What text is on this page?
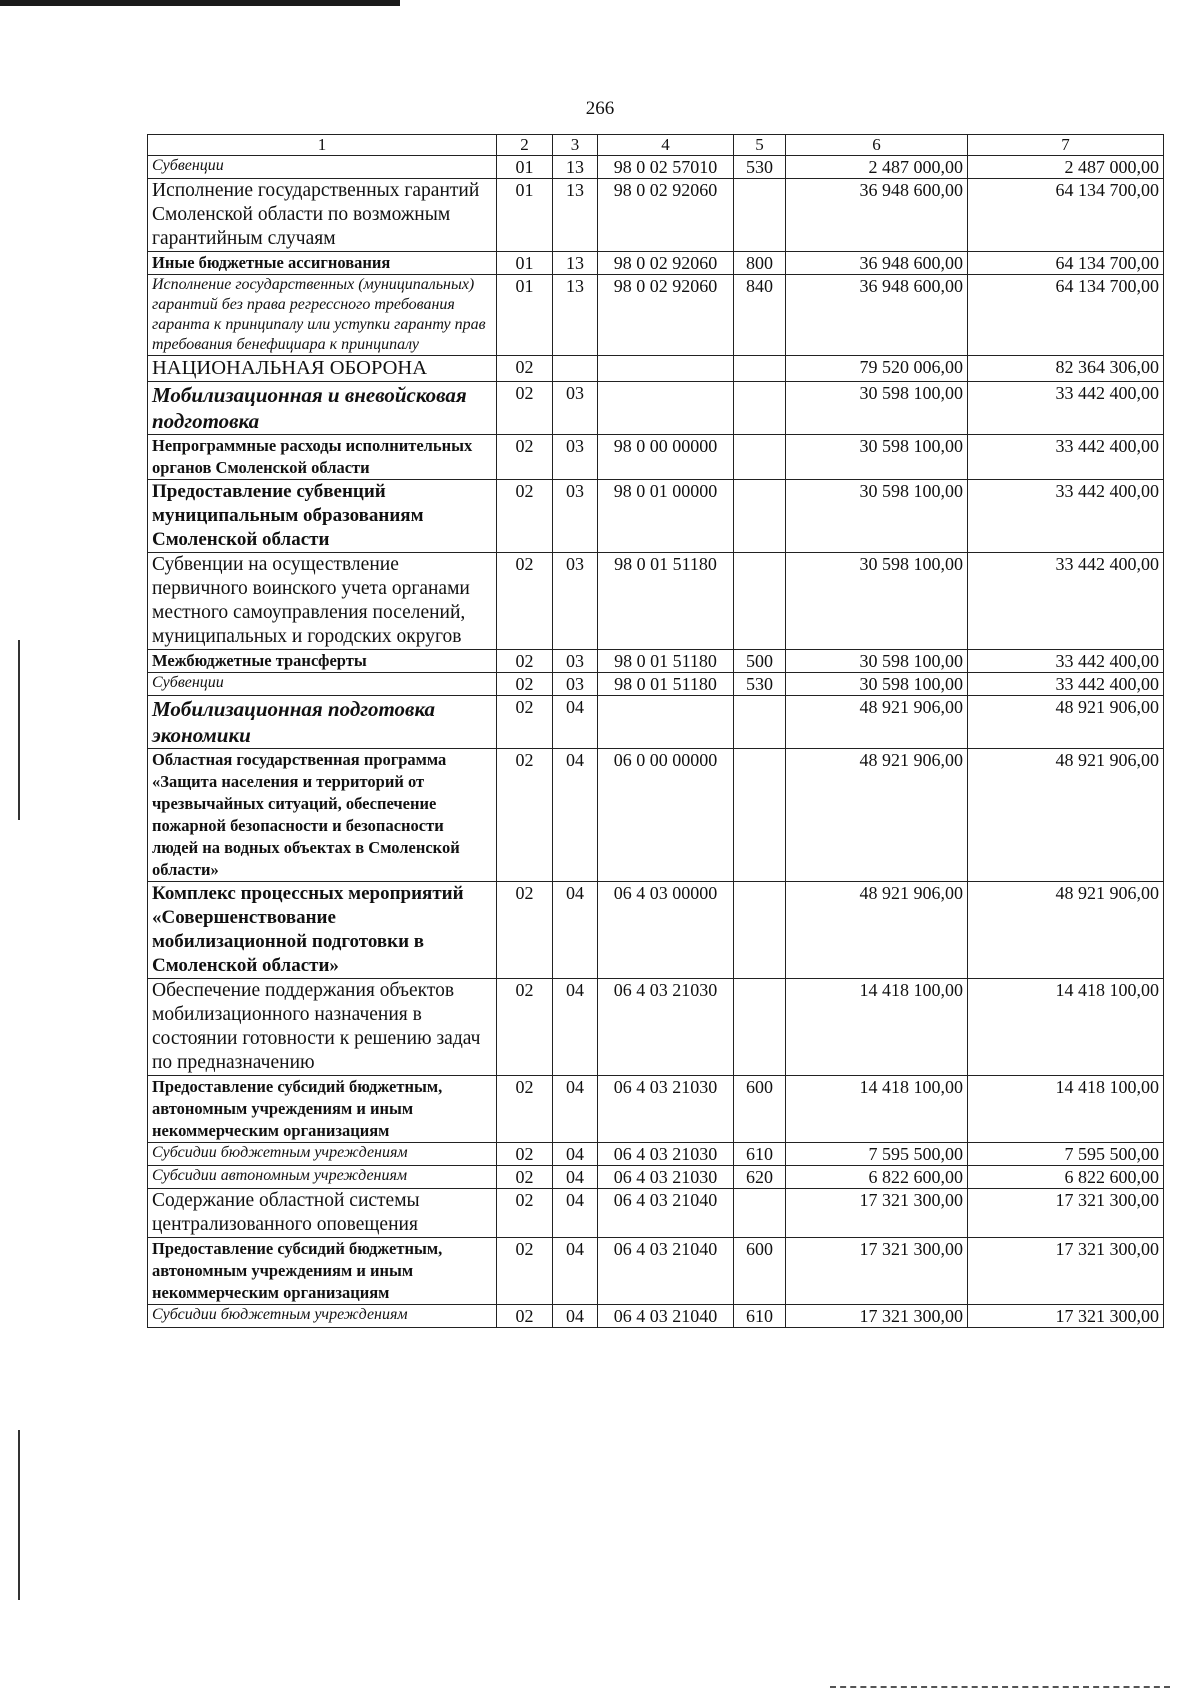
266
1	2	3	4	5	6	7
Субвенции	01	13	98 0 02 57010	530	2 487 000,00	2 487 000,00
Исполнение государственных гарантий Смоленской области по возможным гарантийным случаям	01	13	98 0 02 92060		36 948 600,00	64 134 700,00
Иные бюджетные ассигнования	01	13	98 0 02 92060	800	36 948 600,00	64 134 700,00
Исполнение государственных (муниципальных) гарантий без права регрессного требования гаранта к принципалу или уступки гаранту прав требования бенефициара к принципалу	01	13	98 0 02 92060	840	36 948 600,00	64 134 700,00
НАЦИОНАЛЬНАЯ ОБОРОНА	02				79 520 006,00	82 364 306,00
Мобилизационная и вневойсковая подготовка	02	03			30 598 100,00	33 442 400,00
Непрограммные расходы исполнительных органов Смоленской области	02	03	98 0 00 00000		30 598 100,00	33 442 400,00
Предоставление субвенций муниципальным образованиям Смоленской области	02	03	98 0 01 00000		30 598 100,00	33 442 400,00
Субвенции на осуществление первичного воинского учета органами местного самоуправления поселений, муниципальных и городских округов	02	03	98 0 01 51180		30 598 100,00	33 442 400,00
Межбюджетные трансферты	02	03	98 0 01 51180	500	30 598 100,00	33 442 400,00
Субвенции	02	03	98 0 01 51180	530	30 598 100,00	33 442 400,00
Мобилизационная подготовка экономики	02	04			48 921 906,00	48 921 906,00
Областная государственная программа «Защита населения и территорий от чрезвычайных ситуаций, обеспечение пожарной безопасности и безопасности людей на водных объектах в Смоленской области»	02	04	06 0 00 00000		48 921 906,00	48 921 906,00
Комплекс процессных мероприятий «Совершенствование мобилизационной подготовки в Смоленской области»	02	04	06 4 03 00000		48 921 906,00	48 921 906,00
Обеспечение поддержания объектов мобилизационного назначения в состоянии готовности к решению задач по предназначению	02	04	06 4 03 21030		14 418 100,00	14 418 100,00
Предоставление субсидий бюджетным, автономным учреждениям и иным некоммерческим организациям	02	04	06 4 03 21030	600	14 418 100,00	14 418 100,00
Субсидии бюджетным учреждениям	02	04	06 4 03 21030	610	7 595 500,00	7 595 500,00
Субсидии автономным учреждениям	02	04	06 4 03 21030	620	6 822 600,00	6 822 600,00
Содержание областной системы централизованного оповещения	02	04	06 4 03 21040		17 321 300,00	17 321 300,00
Предоставление субсидий бюджетным, автономным учреждениям и иным некоммерческим организациям	02	04	06 4 03 21040	600	17 321 300,00	17 321 300,00
Субсидии бюджетным учреждениям	02	04	06 4 03 21040	610	17 321 300,00	17 321 300,00
